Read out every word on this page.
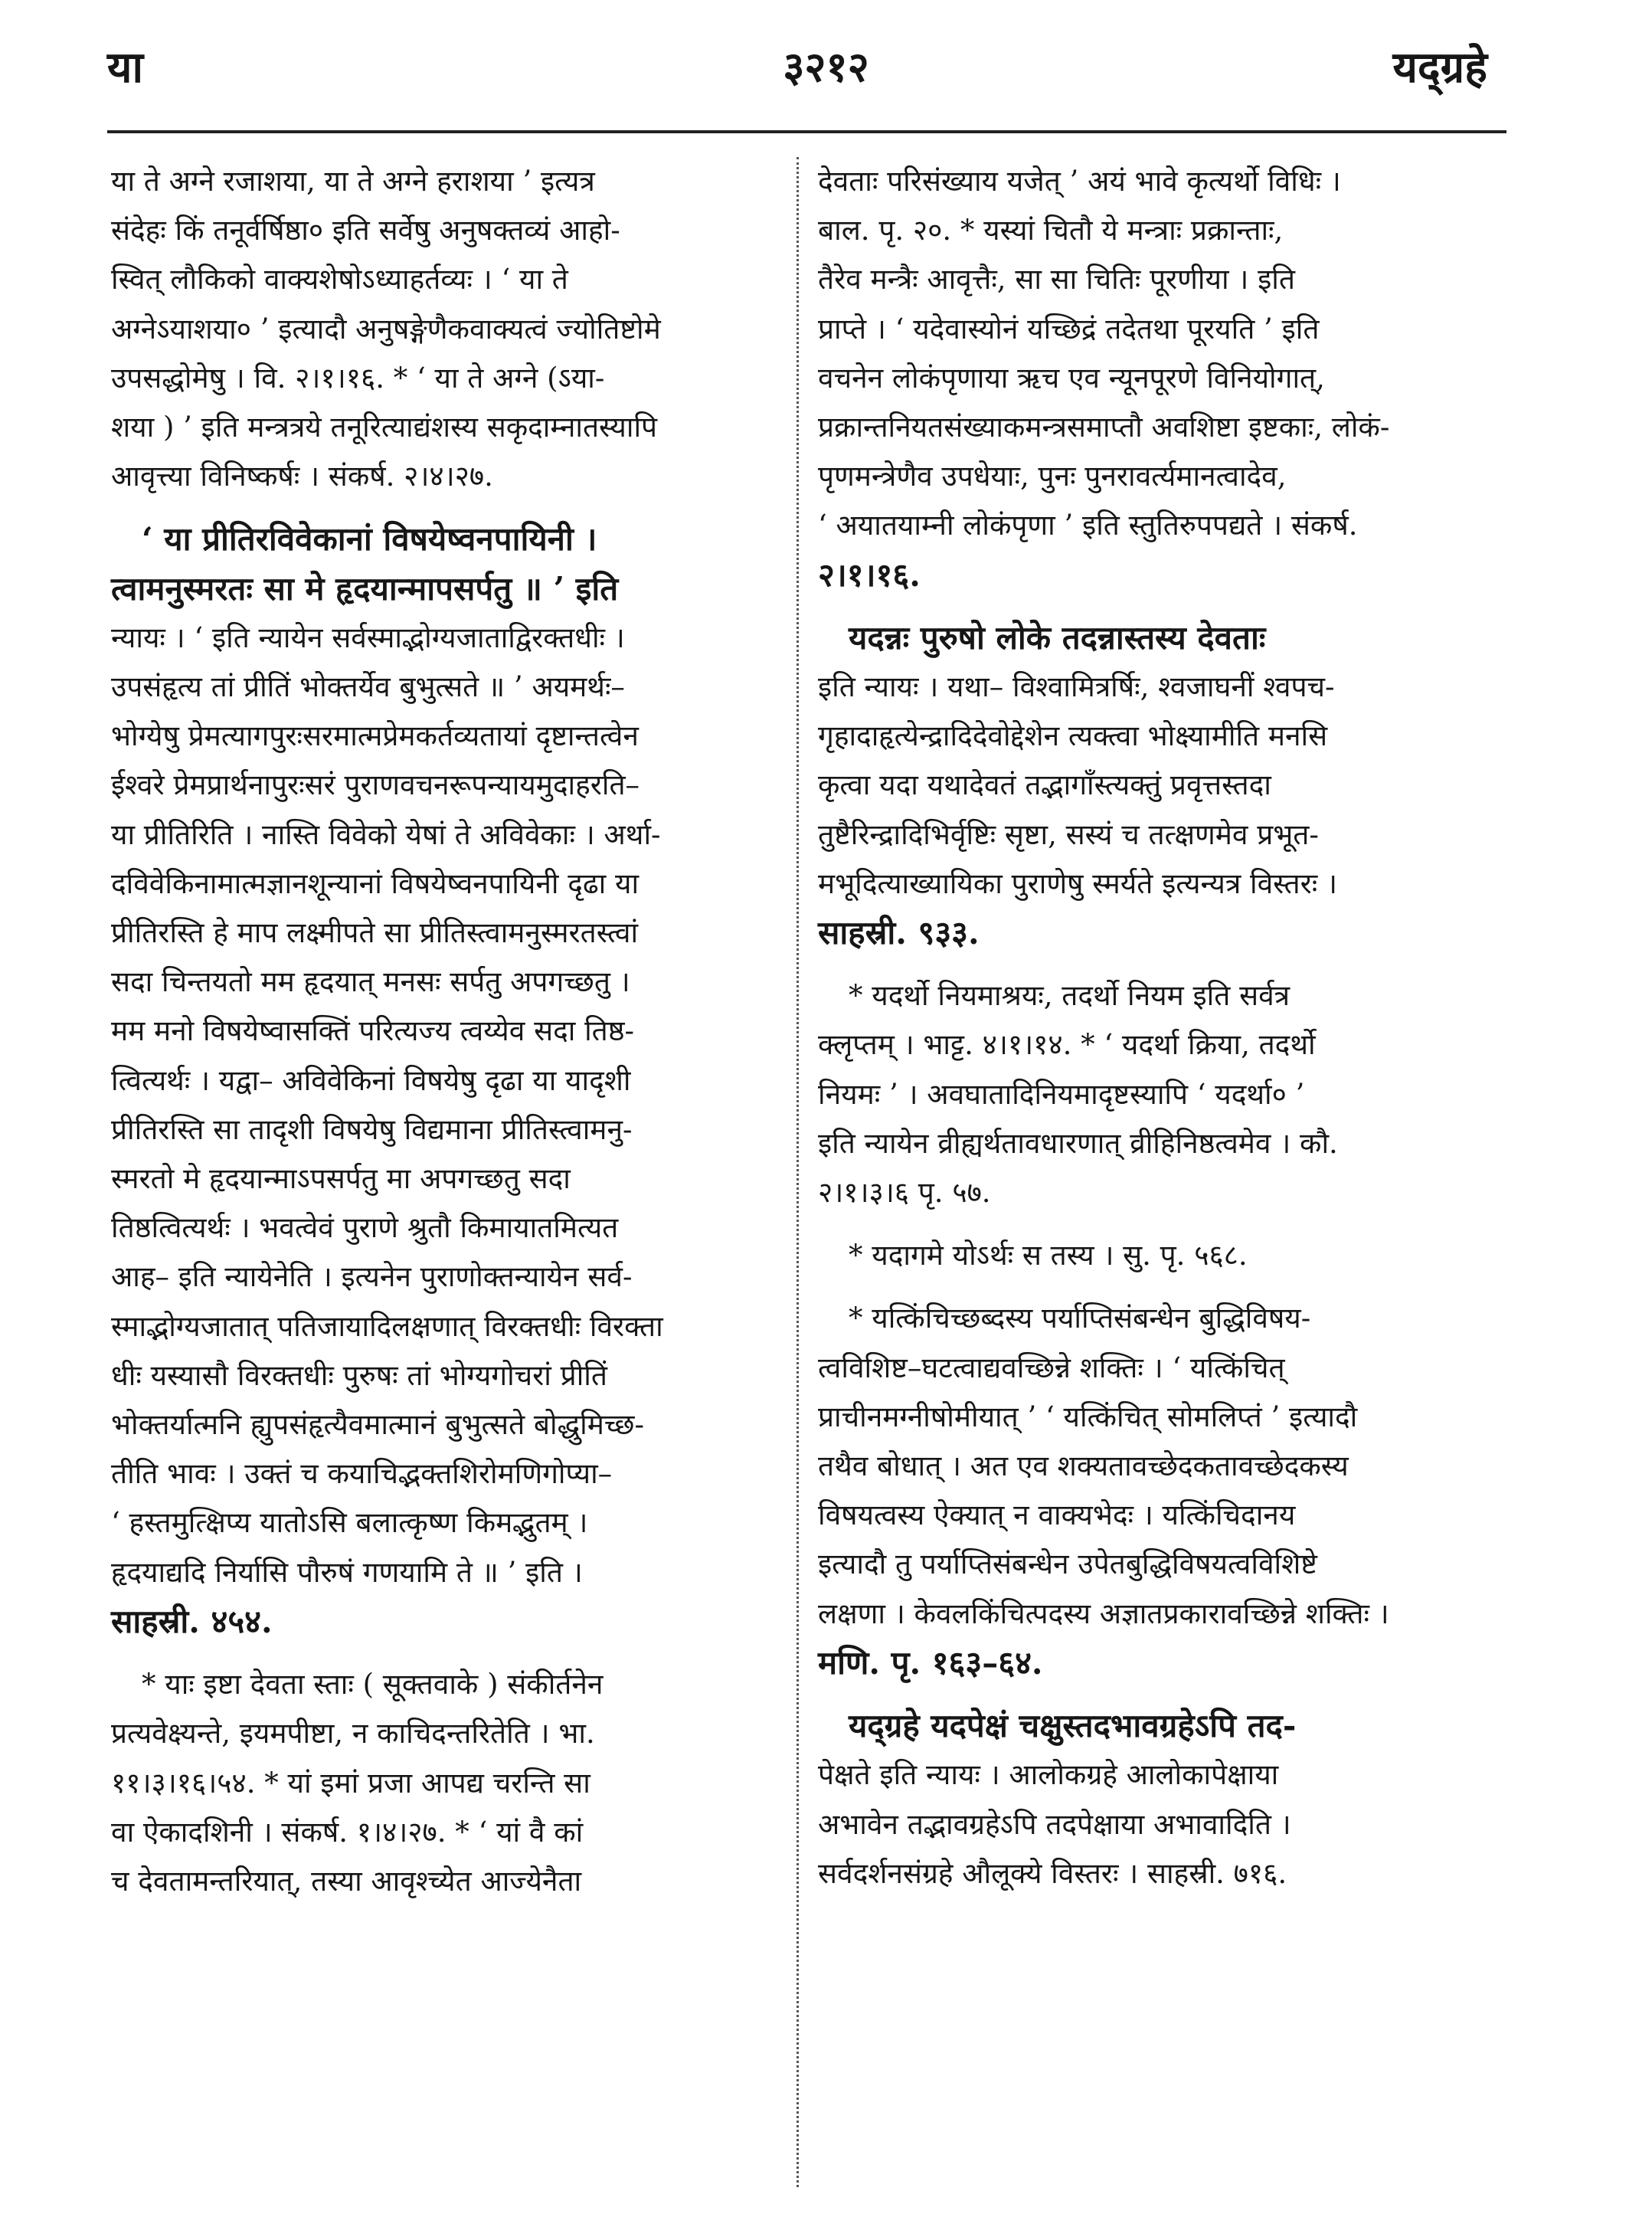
या	३२१२	यद्ग्रहे
या ते अग्ने रजाशया, या ते अग्ने हराशया ’ इत्यत्र
संदेहः किं तनूर्वर्षिष्ठा० इति सर्वेषु अनुषक्तव्यं आहो-
स्वित् लौकिको वाक्यशेषोऽध्याहर्तव्यः । ‘ या ते
अग्नेऽयाशया० ’ इत्यादौ अनुषङ्गेणैकवाक्यत्वं ज्योतिष्टोमे
उपसद्धोमेषु । वि. २।१।१६. * ‘ या ते अग्ने (ऽया-
शया ) ’ इति मन्त्रत्रये तनूरित्याद्यंशस्य सकृदाम्नातस्यापि
आवृत्त्या विनिष्कर्षः । संकर्ष. २।४।२७.
‘ या प्रीतिरविवेकानां विषयेष्वनपायिनी ।
त्वामनुस्मरतः सा मे हृदयान्मापसर्पतु ॥ ’ इति
न्यायः । ‘ इति न्यायेन सर्वस्माद्भोग्यजाताद्विरक्तधीः ।
उपसंहृत्य तां प्रीतिं भोक्तर्येव बुभुत्सते ॥ ’ अयमर्थः–
भोग्येषु प्रेमत्यागपुरःसरमात्मप्रेमकर्तव्यतायां दृष्टान्तत्वेन
ईश्वरे प्रेमप्रार्थनापुरःसरं पुराणवचनरूपन्यायमुदाहरति–
या प्रीतिरिति । नास्ति विवेको येषां ते अविवेकाः । अर्था-
दविवेकिनामात्मज्ञानशून्यानां विषयेष्वनपायिनी दृढा या
प्रीतिरस्ति हे माप लक्ष्मीपते सा प्रीतिस्त्वामनुस्मरतस्त्वां
सदा चिन्तयतो मम हृदयात् मनसः सर्पतु अपगच्छतु ।
मम मनो विषयेष्वासक्तिं परित्यज्य त्वय्येव सदा तिष्ठ-
त्वित्यर्थः । यद्वा– अविवेकिनां विषयेषु दृढा या यादृशी
प्रीतिरस्ति सा तादृशी विषयेषु विद्यमाना प्रीतिस्त्वामनु-
स्मरतो मे हृदयान्माऽपसर्पतु मा अपगच्छतु सदा
तिष्ठत्वित्यर्थः । भवत्वेवं पुराणे श्रुतौ किमायातमित्यत
आह– इति न्यायेनेति । इत्यनेन पुराणोक्तन्यायेन सर्व-
स्माद्भोग्यजातात् पतिजायादिलक्षणात् विरक्तधीः विरक्ता
धीः यस्यासौ विरक्तधीः पुरुषः तां भोग्यगोचरां प्रीतिं
भोक्तर्यात्मनि ह्युपसंहृत्यैवमात्मानं बुभुत्सते बोद्धुमिच्छ-
तीति भावः । उक्तं च कयाचिद्भक्तशिरोमणिगोप्या–
‘ हस्तमुत्क्षिप्य यातोऽसि बलात्कृष्ण किमद्भुतम् ।
हृदयाद्यदि निर्यासि पौरुषं गणयामि ते ॥ ’ इति ।
साहस्री. ४५४.
* याः इष्टा देवता स्ताः ( सूक्तवाके ) संकीर्तनेन
प्रत्यवेक्ष्यन्ते, इयमपीष्टा, न काचिदन्तरितेति । भा.
११।३।१६।५४. * यां इमां प्रजा आपद्य चरन्ति सा
वा ऐकादशिनी । संकर्ष. १।४।२७. * ‘ यां वै कां
च देवतामन्तरियात्, तस्या आवृश्च्येत आज्येनैता
देवताः परिसंख्याय यजेत् ’ अयं भावे कृत्यर्थो विधिः ।
बाल. पृ. २०. * यस्यां चितौ ये मन्त्राः प्रक्रान्ताः,
तैरेव मन्त्रैः आवृत्तैः, सा सा चितिः पूरणीया । इति
प्राप्ते । ‘ यदेवास्योनं यच्छिद्रं तदेतथा पूरयति ’ इति
वचनेन लोकंपृणाया ऋच एव न्यूनपूरणे विनियोगात्,
प्रक्रान्तनियतसंख्याकमन्त्रसमाप्तौ अवशिष्टा इष्टकाः, लोकं-
पृणमन्त्रेणैव उपधेयाः, पुनः पुनरावर्त्यमानत्वादेव,
‘ अयातयाम्नी लोकंपृणा ’ इति स्तुतिरुपपद्यते । संकर्ष.
२।१।१६.
यदन्नः पुरुषो लोके तदन्नास्तस्य देवताः
इति न्यायः । यथा– विश्वामित्रर्षिः, श्वजाघनीं श्वपच-
गृहादाहृत्येन्द्रादिदेवोद्देशेन त्यक्त्वा भोक्ष्यामीति मनसि
कृत्वा यदा यथादेवतं तद्भागाँस्त्यक्तुं प्रवृत्तस्तदा
तुष्टैरिन्द्रादिभिर्वृष्टिः सृष्टा, सस्यं च तत्क्षणमेव प्रभूत-
मभूदित्याख्यायिका पुराणेषु स्मर्यते इत्यन्यत्र विस्तरः ।
साहस्री. ९३३.
* यदर्थो नियमाश्रयः, तदर्थो नियम इति सर्वत्र
क्लृप्तम् । भाट्ट. ४।१।१४. * ‘ यदर्था क्रिया, तदर्थो
नियमः ’ । अवघातादिनियमादृष्टस्यापि ‘ यदर्था० ’
इति न्यायेन व्रीह्यर्थतावधारणात् व्रीहिनिष्ठत्वमेव । कौ.
२।१।३।६ पृ. ५७.
* यदागमे योऽर्थः स तस्य । सु. पृ. ५६८.
* यत्किंचिच्छब्दस्य पर्याप्तिसंबन्धेन बुद्धिविषय-
त्वविशिष्ट–घटत्वाद्यवच्छिन्ने शक्तिः । ‘ यत्किंचित्
प्राचीनमग्नीषोमीयात् ’ ‘ यत्किंचित् सोमलिप्तं ’ इत्यादौ
तथैव बोधात् । अत एव शक्यतावच्छेदकतावच्छेदकस्य
विषयत्वस्य ऐक्यात् न वाक्यभेदः । यत्किंचिदानय
इत्यादौ तु पर्याप्तिसंबन्धेन उपेतबुद्धिविषयत्वविशिष्टे
लक्षणा । केवलकिंचित्पदस्य अज्ञातप्रकारावच्छिन्ने शक्तिः ।
मणि. पृ. १६३–६४.
यद्ग्रहे यदपेक्षं चक्षुस्तदभावग्रहेऽपि तद-
पेक्षते इति न्यायः । आलोकग्रहे आलोकापेक्षाया
अभावेन तद्भावग्रहेऽपि तदपेक्षाया अभावादिति ।
सर्वदर्शनसंग्रहे औलूक्ये विस्तरः । साहस्री. ७१६.
